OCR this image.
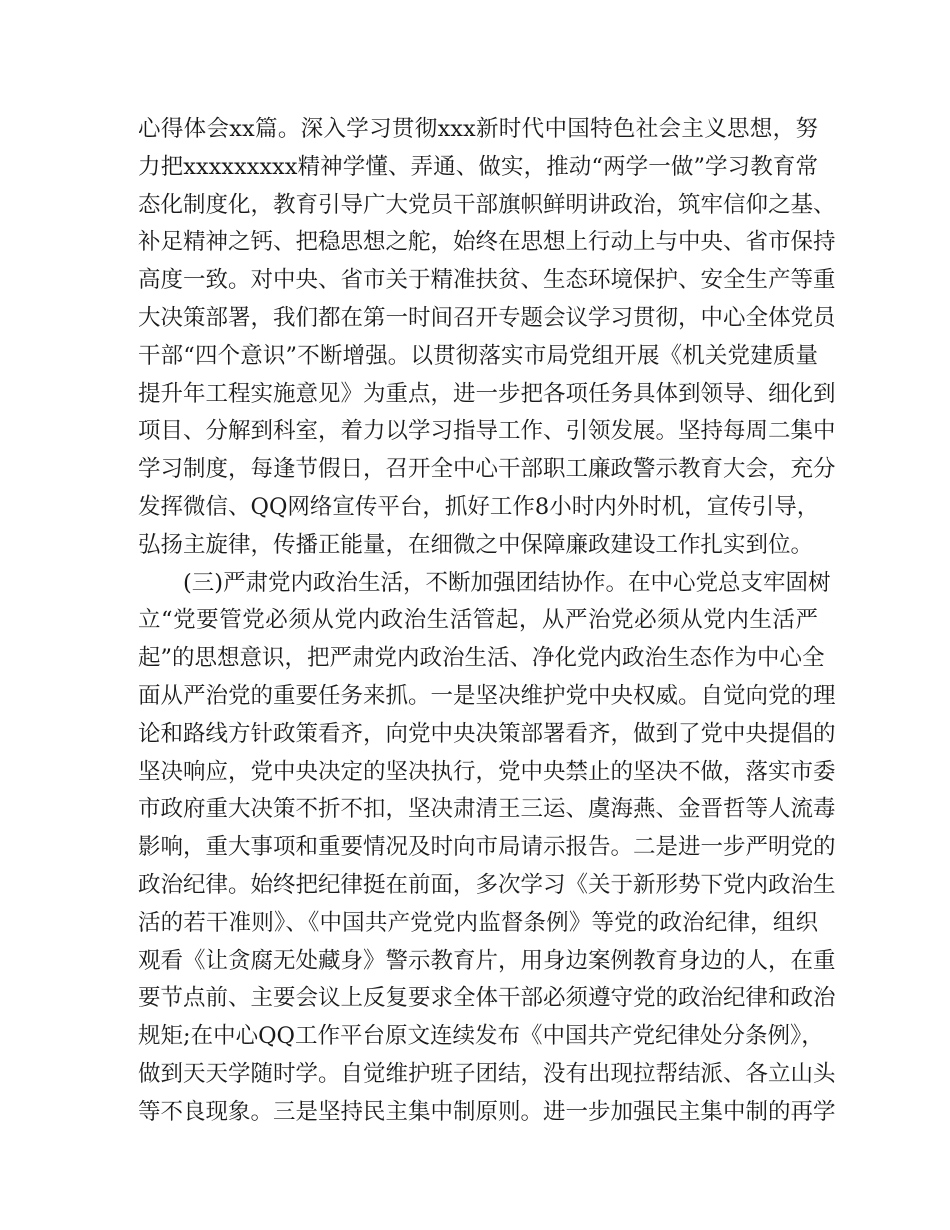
心得体会xx篇。深入学习贯彻xxx新时代中国特色社会主义思想，努
力把xxxxxxxxx精神学懂、弄通、做实，推动“两学一做”学习教育常
态化制度化，教育引导广大党员干部旗帜鲜明讲政治，筑牢信仰之基、
补足精神之钙、把稳思想之舵，始终在思想上行动上与中央、省市保持
高度一致。对中央、省市关于精准扶贫、生态环境保护、安全生产等重
大决策部署，我们都在第一时间召开专题会议学习贯彻，中心全体党员
干部“四个意识”不断增强。以贯彻落实市局党组开展《机关党建质量
提升年工程实施意见》为重点，进一步把各项任务具体到领导、细化到
项目、分解到科室，着力以学习指导工作、引领发展。坚持每周二集中
学习制度，每逢节假日，召开全中心干部职工廉政警示教育大会，充分
发挥微信、QQ网络宣传平台，抓好工作8小时内外时机，宣传引导，
弘扬主旋律，传播正能量，在细微之中保障廉政建设工作扎实到位。
　　(三)严肃党内政治生活，不断加强团结协作。在中心党总支牢固树
立“党要管党必须从党内政治生活管起，从严治党必须从党内生活严
起”的思想意识，把严肃党内政治生活、净化党内政治生态作为中心全
面从严治党的重要任务来抓。一是坚决维护党中央权威。自觉向党的理
论和路线方针政策看齐，向党中央决策部署看齐，做到了党中央提倡的
坚决响应，党中央决定的坚决执行，党中央禁止的坚决不做，落实市委
市政府重大决策不折不扣，坚决肃清王三运、虞海燕、金晋哲等人流毒
影响，重大事项和重要情况及时向市局请示报告。二是进一步严明党的
政治纪律。始终把纪律挺在前面，多次学习《关于新形势下党内政治生
活的若干准则》、《中国共产党党内监督条例》等党的政治纪律，组织
观看《让贪腐无处藏身》警示教育片，用身边案例教育身边的人，在重
要节点前、主要会议上反复要求全体干部必须遵守党的政治纪律和政治
规矩;在中心QQ工作平台原文连续发布《中国共产党纪律处分条例》，
做到天天学随时学。自觉维护班子团结，没有出现拉帮结派、各立山头
等不良现象。三是坚持民主集中制原则。进一步加强民主集中制的再学
